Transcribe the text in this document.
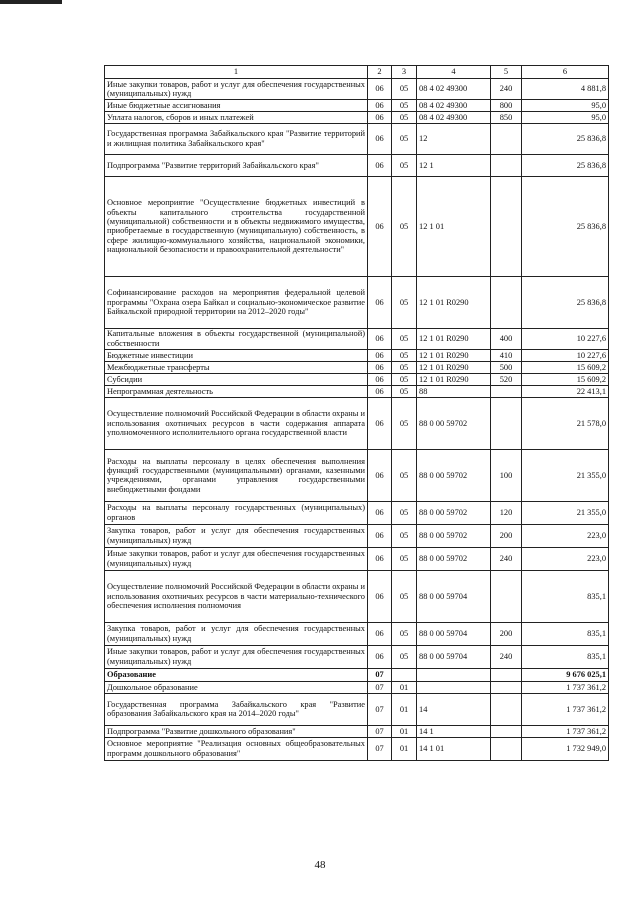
1	2	3	4	5	6
Иные закупки товаров, работ и услуг для обеспечения государственных (муниципальных) нужд	06	05	08 4 02 49300	240	4 881,8
Иные бюджетные ассигнования	06	05	08 4 02 49300	800	95,0
Уплата налогов, сборов и иных платежей	06	05	08 4 02 49300	850	95,0
Государственная программа Забайкальского края "Развитие территорий и жилищная политика Забайкальского края"	06	05	12		25 836,8
Подпрограмма "Развитие территорий Забайкальского края"	06	05	12 1		25 836,8
Основное мероприятие "Осуществление бюджетных инвестиций в объекты капитального строительства государственной (муниципальной) собственности и в объекты недвижимого имущества, приобретаемые в государственную (муниципальную) собственность, в сфере жилищно-коммунального хозяйства, национальной экономики, национальной безопасности и правоохранительной деятельности"	06	05	12 1 01		25 836,8
Софинансирование расходов на мероприятия федеральной целевой программы "Охрана озера Байкал и социально-экономическое развитие Байкальской природной территории на 2012–2020 годы"	06	05	12 1 01 R0290		25 836,8
Капитальные вложения в объекты государственной (муниципальной) собственности	06	05	12 1 01 R0290	400	10 227,6
Бюджетные инвестиции	06	05	12 1 01 R0290	410	10 227,6
Межбюджетные трансферты	06	05	12 1 01 R0290	500	15 609,2
Субсидии	06	05	12 1 01 R0290	520	15 609,2
Непрограммная деятельность	06	05	88		22 413,1
Осуществление полномочий Российской Федерации в области охраны и использования охотничьих ресурсов в части содержания аппарата уполномоченного исполнительного органа государственной власти	06	05	88 0 00 59702		21 578,0
Расходы на выплаты персоналу в целях обеспечения выполнения функций государственными (муниципальными) органами, казенными учреждениями, органами управления государственными внебюджетными фондами	06	05	88 0 00 59702	100	21 355,0
Расходы на выплаты персоналу государственных (муниципальных) органов	06	05	88 0 00 59702	120	21 355,0
Закупка товаров, работ и услуг для обеспечения государственных (муниципальных) нужд	06	05	88 0 00 59702	200	223,0
Иные закупки товаров, работ и услуг для обеспечения государственных (муниципальных) нужд	06	05	88 0 00 59702	240	223,0
Осуществление полномочий Российской Федерации в области охраны и использования охотничьих ресурсов в части материально-технического обеспечения исполнения полномочия	06	05	88 0 00 59704		835,1
Закупка товаров, работ и услуг для обеспечения государственных (муниципальных) нужд	06	05	88 0 00 59704	200	835,1
Иные закупки товаров, работ и услуг для обеспечения государственных (муниципальных) нужд	06	05	88 0 00 59704	240	835,1
Образование	07				9 676 025,1
Дошкольное образование	07	01			1 737 361,2
Государственная программа Забайкальского края "Развитие образования Забайкальского края на 2014–2020 годы"	07	01	14		1 737 361,2
Подпрограмма "Развитие дошкольного образования"	07	01	14 1		1 737 361,2
Основное мероприятие "Реализация основных общеобразовательных программ дошкольного образования"	07	01	14 1 01		1 732 949,0
48
